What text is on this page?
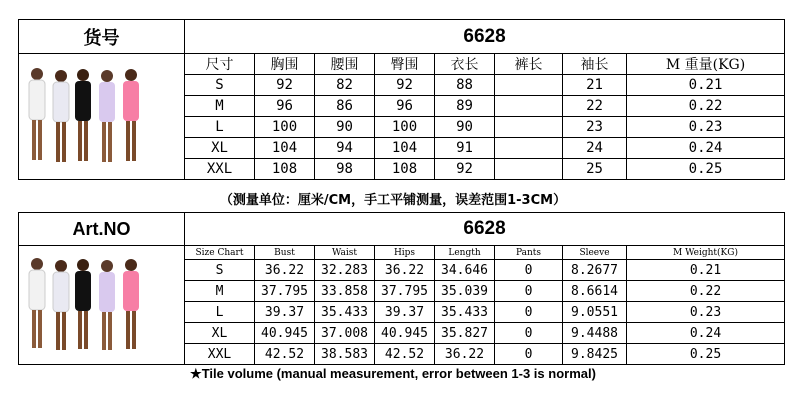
货号	6628							

	尺寸	胸围	腰围	臀围	衣长	裤长	袖长	M 重量(KG)
	S	92	82	92	88		21	0.21
	M	96	86	96	89		22	0.22
	L	100	90	100	90		23	0.23
	XL	104	94	104	91		24	0.24
	XXL	108	98	108	92		25	0.25
（测量单位：厘米/CM，手工平铺测量，误差范围1-3CM）
Art.NO	6628							

	Size Chart	Bust	Waist	Hips	Length	Pants	Sleeve	M Weight(KG)
	S	36.22	32.283	36.22	34.646	0	8.2677	0.21
	M	37.795	33.858	37.795	35.039	0	8.6614	0.22
	L	39.37	35.433	39.37	35.433	0	9.0551	0.23
	XL	40.945	37.008	40.945	35.827	0	9.4488	0.24
	XXL	42.52	38.583	42.52	36.22	0	9.8425	0.25
★Tile volume (manual measurement, error between 1-3 is normal)
